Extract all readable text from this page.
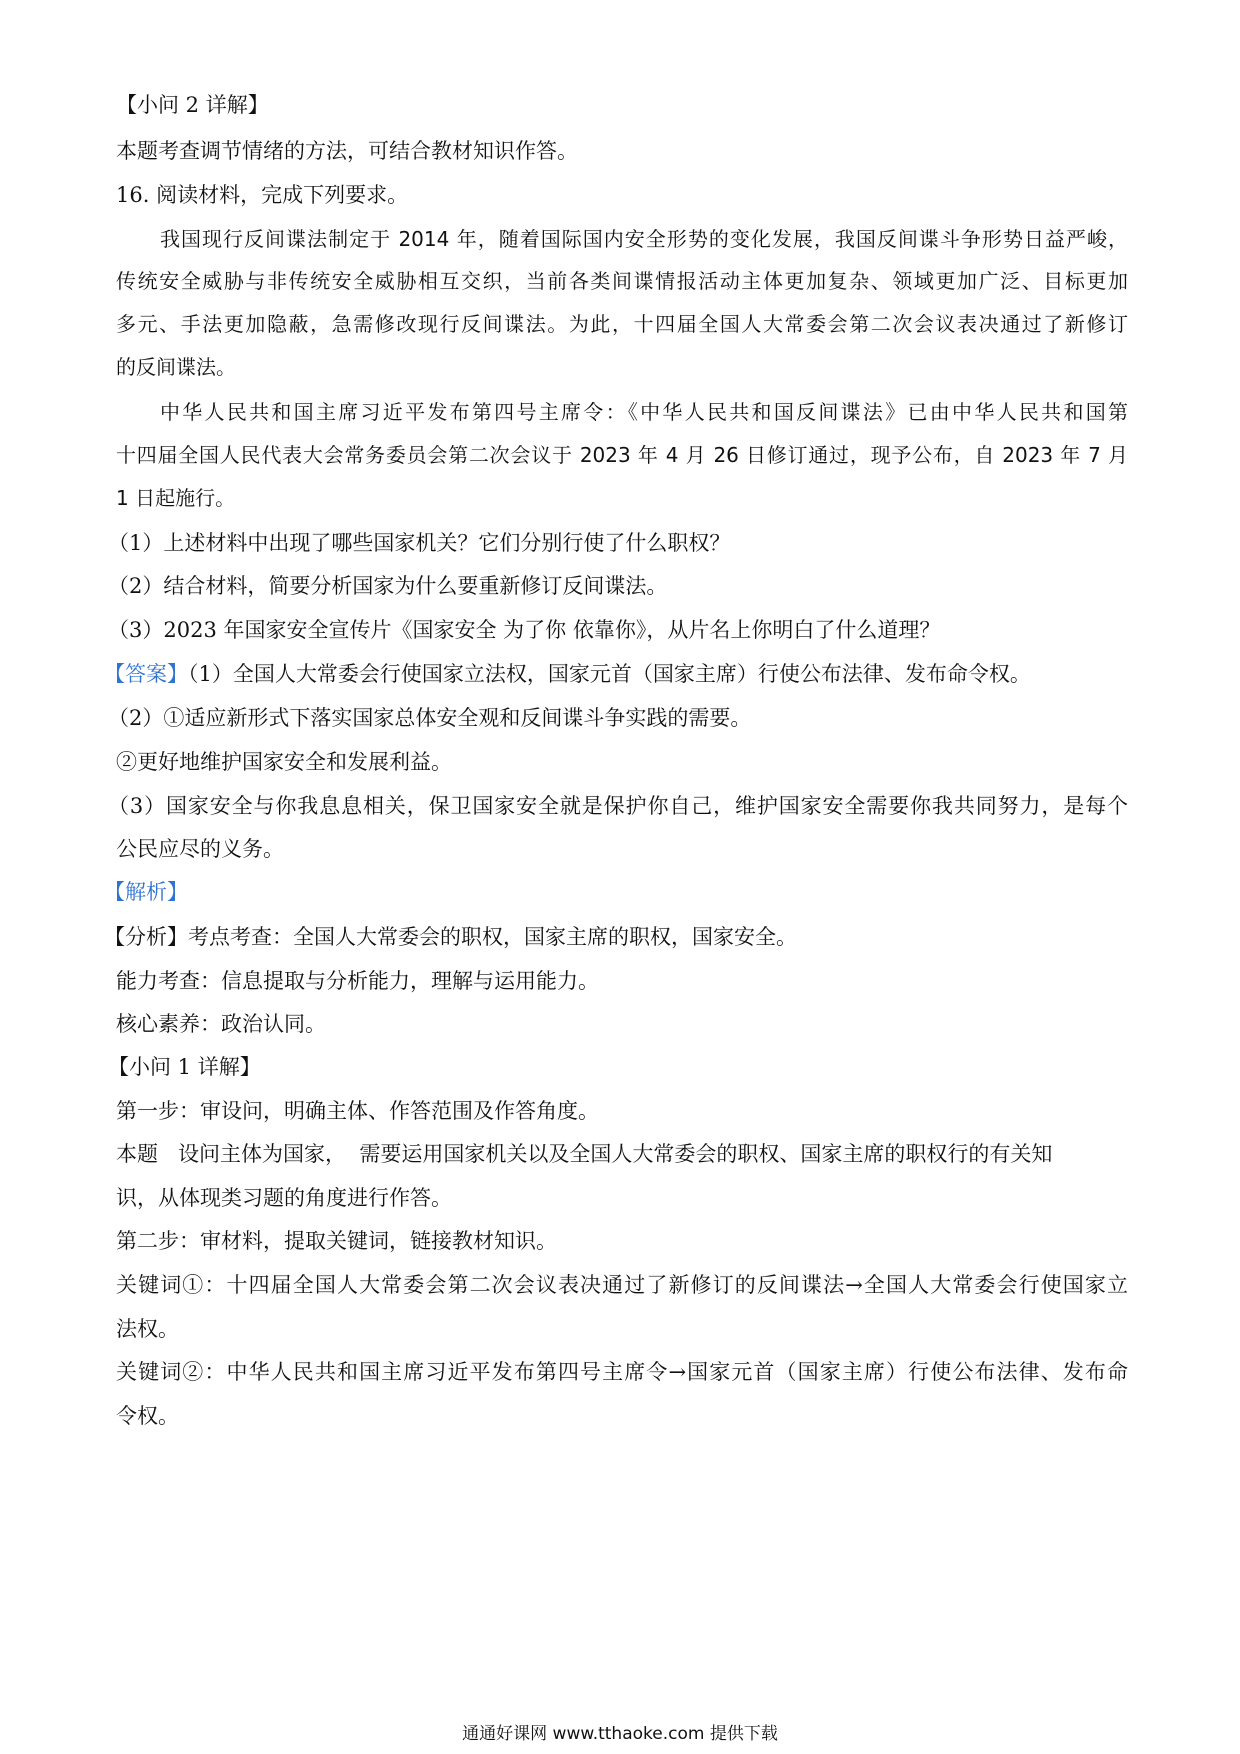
【小问 2 详解】
本题考查调节情绪的方法，可结合教材知识作答。
16. 阅读材料，完成下列要求。
我国现行反间谍法制定于 2014 年，随着国际国内安全形势的变化发展，我国反间谍斗争形势日益严峻，
传统安全威胁与非传统安全威胁相互交织，当前各类间谍情报活动主体更加复杂、领域更加广泛、目标更加
多元、手法更加隐蔽，急需修改现行反间谍法。为此，十四届全国人大常委会第二次会议表决通过了新修订
的反间谍法。
中华人民共和国主席习近平发布第四号主席令：《中华人民共和国反间谍法》已由中华人民共和国第
十四届全国人民代表大会常务委员会第二次会议于 2023 年 4 月 26 日修订通过，现予公布，自 2023 年 7 月
1 日起施行。
（1）上述材料中出现了哪些国家机关？它们分别行使了什么职权？
（2）结合材料，简要分析国家为什么要重新修订反间谍法。
（3）2023 年国家安全宣传片《国家安全 为了你 依靠你》，从片名上你明白了什么道理？
【答案】（1）全国人大常委会行使国家立法权，国家元首（国家主席）行使公布法律、发布命令权。
（2）①适应新形式下落实国家总体安全观和反间谍斗争实践的需要。
②更好地维护国家安全和发展利益。
（3）国家安全与你我息息相关，保卫国家安全就是保护你自己，维护国家安全需要你我共同努力，是每个
公民应尽的义务。
【解析】
【分析】考点考查：全国人大常委会的职权，国家主席的职权，国家安全。
能力考查：信息提取与分析能力，理解与运用能力。
核心素养：政治认同。
【小问 1 详解】
第一步：审设问，明确主体、作答范围及作答角度。
本题   设问主体为国家，  需要运用国家机关以及全国人大常委会的职权、国家主席的职权行的有关知
识，从体现类习题的角度进行作答。
第二步：审材料，提取关键词，链接教材知识。
关键词①：十四届全国人大常委会第二次会议表决通过了新修订的反间谍法→全国人大常委会行使国家立
法权。
关键词②：中华人民共和国主席习近平发布第四号主席令→国家元首（国家主席）行使公布法律、发布命
令权。
通通好课网 www.tthaoke.com 提供下载
